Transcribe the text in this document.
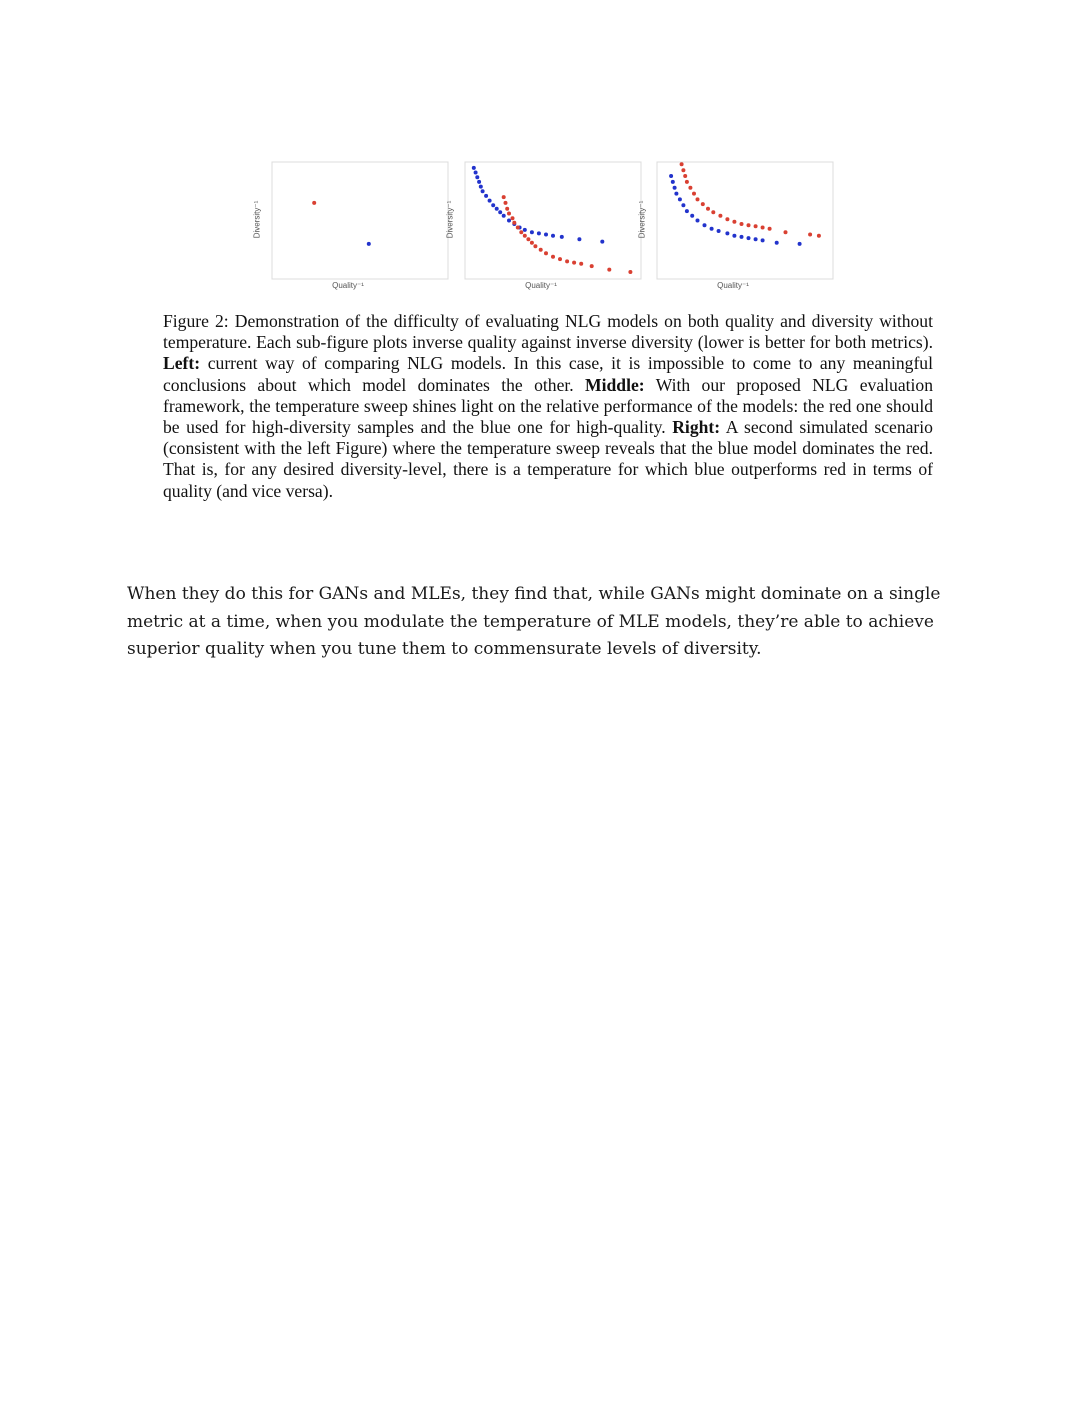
Diversity⁻¹
Quality⁻¹
Diversity⁻¹
Quality⁻¹
Diversity⁻¹
Quality⁻¹
Figure 2: Demonstration of the difficulty of evaluating NLG models on both quality and diversity without temperature. Each sub-figure plots inverse quality against inverse diversity (lower is better for both metrics). Left: current way of comparing NLG models. In this case, it is impossible to come to any meaningful conclusions about which model dominates the other. Middle: With our proposed NLG evaluation framework, the temperature sweep shines light on the relative performance of the models: the red one should be used for high-diversity samples and the blue one for high-quality. Right: A second simulated scenario (consistent with the left Figure) where the temperature sweep reveals that the blue model dominates the red. That is, for any desired diversity-level, there is a temperature for which blue outperforms red in terms of quality (and vice versa).

When they do this for GANs and MLEs, they find that, while GANs might dominate on a single metric at a time, when you modulate the temperature of MLE models, they’re able to achieve superior quality when you tune them to commensurate levels of diversity.
